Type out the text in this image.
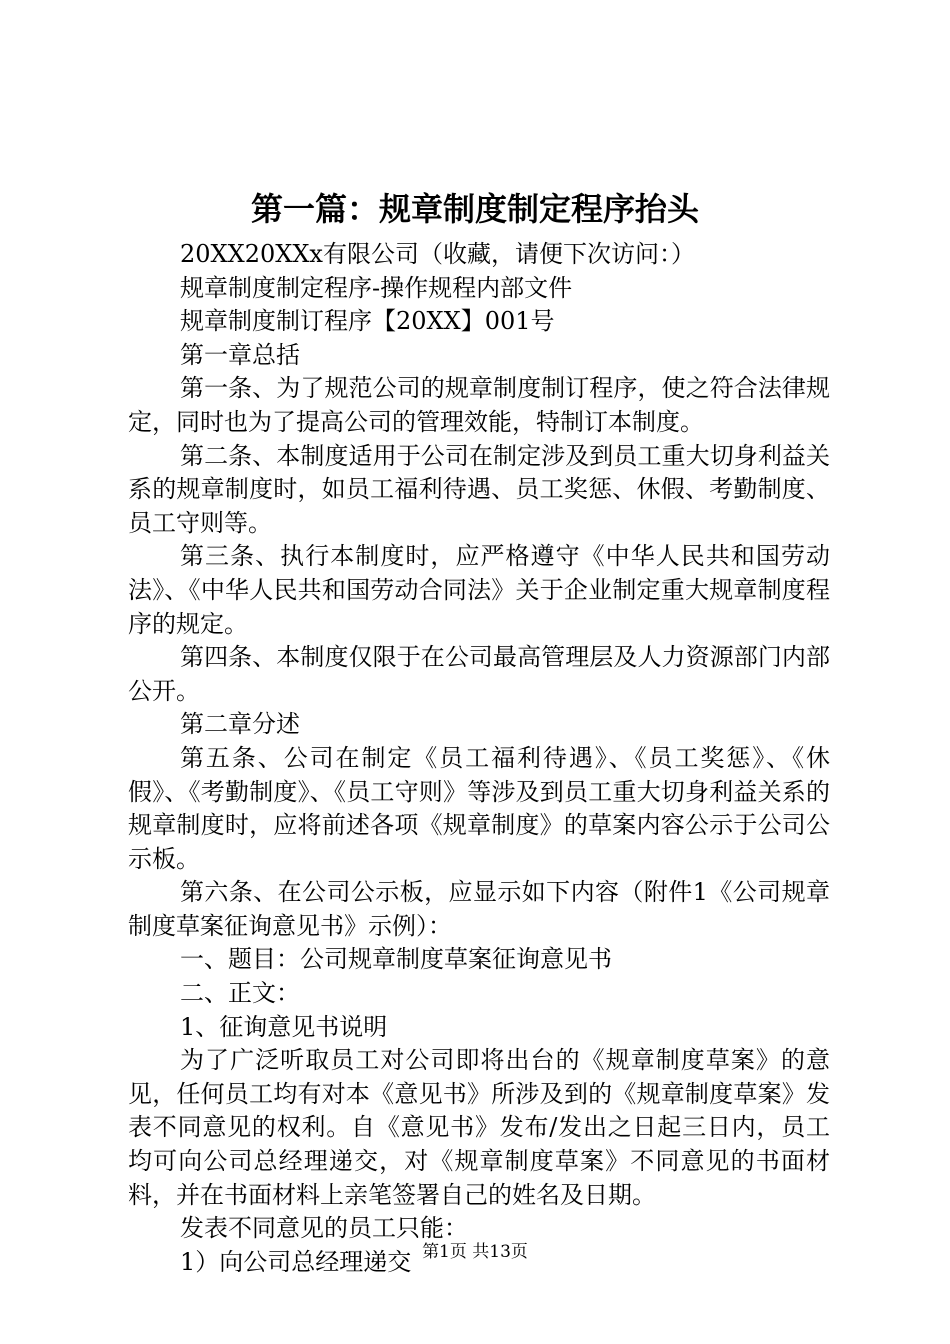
第一篇：规章制度制定程序抬头

20XX20XXx有限公司（收藏，请便下次访问：）

规章制度制定程序-操作规程内部文件

规章制度制订程序【20XX】001号

第一章总括

第一条、为了规范公司的规章制度制订程序，使之符合法律规定，同时也为了提高公司的管理效能，特制订本制度。

第二条、本制度适用于公司在制定涉及到员工重大切身利益关系的规章制度时，如员工福利待遇、员工奖惩、休假、考勤制度、员工守则等。

第三条、执行本制度时，应严格遵守《中华人民共和国劳动法》、《中华人民共和国劳动合同法》关于企业制定重大规章制度程序的规定。

第四条、本制度仅限于在公司最高管理层及人力资源部门内部公开。

第二章分述

第五条、公司在制定《员工福利待遇》、《员工奖惩》、《休假》、《考勤制度》、《员工守则》等涉及到员工重大切身利益关系的规章制度时，应将前述各项《规章制度》的草案内容公示于公司公示板。

第六条、在公司公示板，应显示如下内容（附件1《公司规章制度草案征询意见书》示例）：

一、题目：公司规章制度草案征询意见书

二、正文：

1、征询意见书说明

为了广泛听取员工对公司即将出台的《规章制度草案》的意见，任何员工均有对本《意见书》所涉及到的《规章制度草案》发表不同意见的权利。自《意见书》发布/发出之日起三日内，员工均可向公司总经理递交，对《规章制度草案》不同意见的书面材料，并在书面材料上亲笔签署自己的姓名及日期。

发表不同意见的员工只能：

1）向公司总经理递交 第1页 共13页
